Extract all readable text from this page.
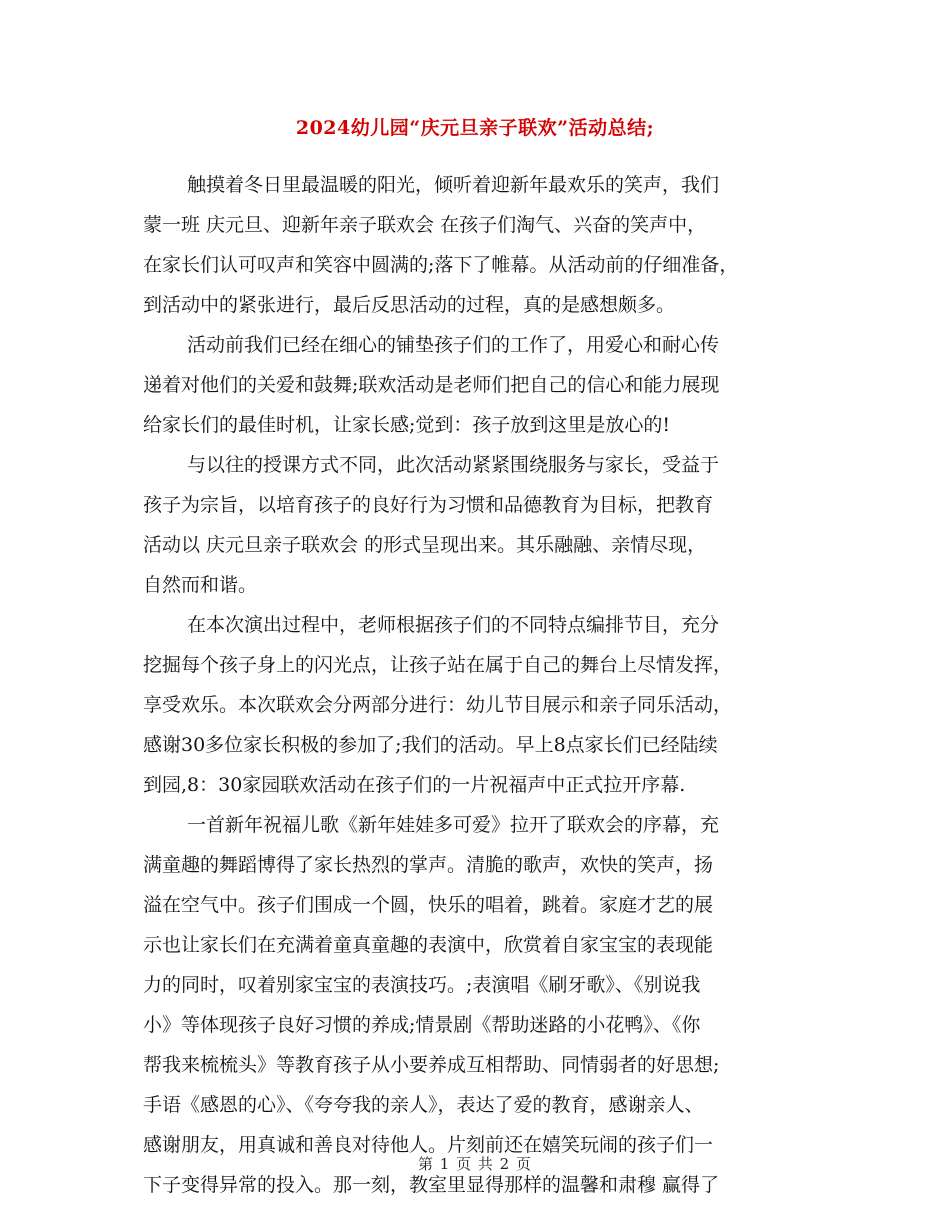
2024幼儿园“庆元旦亲子联欢”活动总结;
触摸着冬日里最温暖的阳光，倾听着迎新年最欢乐的笑声，我们
蒙一班 庆元旦、迎新年亲子联欢会 在孩子们淘气、兴奋的笑声中，
在家长们认可叹声和笑容中圆满的;落下了帷幕。从活动前的仔细准备，
到活动中的紧张进行，最后反思活动的过程，真的是感想颇多。
活动前我们已经在细心的铺垫孩子们的工作了，用爱心和耐心传
递着对他们的关爱和鼓舞;联欢活动是老师们把自己的信心和能力展现
给家长们的最佳时机，让家长感;觉到：孩子放到这里是放心的!
与以往的授课方式不同，此次活动紧紧围绕服务与家长，受益于
孩子为宗旨，以培育孩子的良好行为习惯和品德教育为目标，把教育
活动以 庆元旦亲子联欢会 的形式呈现出来。其乐融融、亲情尽现，
自然而和谐。
在本次演出过程中，老师根据孩子们的不同特点编排节目，充分
挖掘每个孩子身上的闪光点，让孩子站在属于自己的舞台上尽情发挥，
享受欢乐。本次联欢会分两部分进行：幼儿节目展示和亲子同乐活动，
感谢30多位家长积极的参加了;我们的活动。早上8点家长们已经陆续
到园,8：30家园联欢活动在孩子们的一片祝福声中正式拉开序幕.
一首新年祝福儿歌《新年娃娃多可爱》拉开了联欢会的序幕，充
满童趣的舞蹈博得了家长热烈的掌声。清脆的歌声，欢快的笑声，扬
溢在空气中。孩子们围成一个圆，快乐的唱着，跳着。家庭才艺的展
示也让家长们在充满着童真童趣的表演中，欣赏着自家宝宝的表现能
力的同时，叹着别家宝宝的表演技巧。;表演唱《刷牙歌》、《别说我
小》等体现孩子良好习惯的养成;情景剧《帮助迷路的小花鸭》、《你
帮我来梳梳头》等教育孩子从小要养成互相帮助、同情弱者的好思想;
手语《感恩的心》、《夸夸我的亲人》，表达了爱的教育，感谢亲人、
感谢朋友，用真诚和善良对待他人。片刻前还在嬉笑玩闹的孩子们一
下子变得异常的投入。那一刻，教室里显得那样的温馨和肃穆 赢得了
第 1 页 共 2 页
